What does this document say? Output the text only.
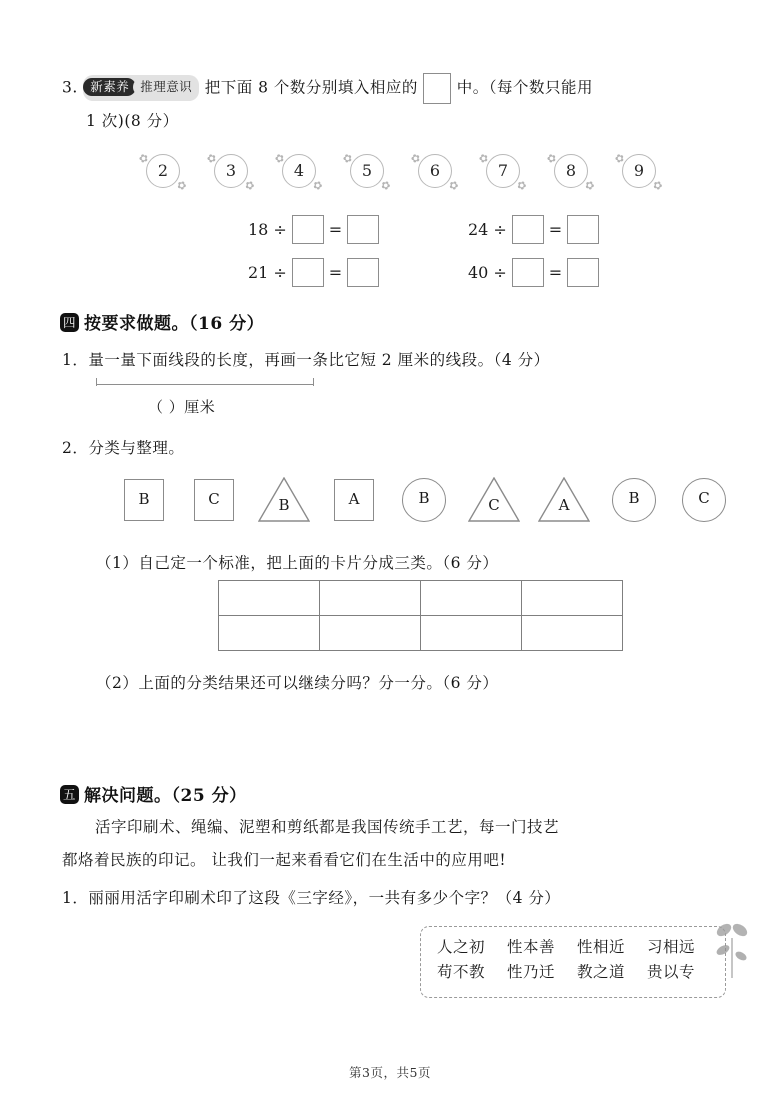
3. 新素养 推理意识 把下面 8 个数分别填入相应的	中。（每个数只能用
1 次)(8 分）
✿
2
✿
✿
3
✿
✿
4
✿
✿
5
✿
✿
6
✿
✿
7
✿
✿
8
✿
✿
9
✿
18 ÷	=	24 ÷	=
21 ÷	=	40 ÷	=
四 按要求做题。（16 分）
1．量一量下面线段的长度，再画一条比它短 2 厘米的线段。（4 分）
（ ）厘米
2．分类与整理。
B	C	B	A	B	C	A	B	C
（1）自己定一个标准，把上面的卡片分成三类。（6 分）

（2）上面的分类结果还可以继续分吗？分一分。（6 分）
五 解决问题。（25 分）
活字印刷术、绳编、泥塑和剪纸都是我国传统手工艺，每一门技艺
都烙着民族的印记。 让我们一起来看看它们在生活中的应用吧!
1．丽丽用活字印刷术印了这段《三字经》，一共有多少个字？（4 分）
人之初 性本善 性相近 习相远
苟不教 性乃迁 教之道 贵以专
第3页，共5页
